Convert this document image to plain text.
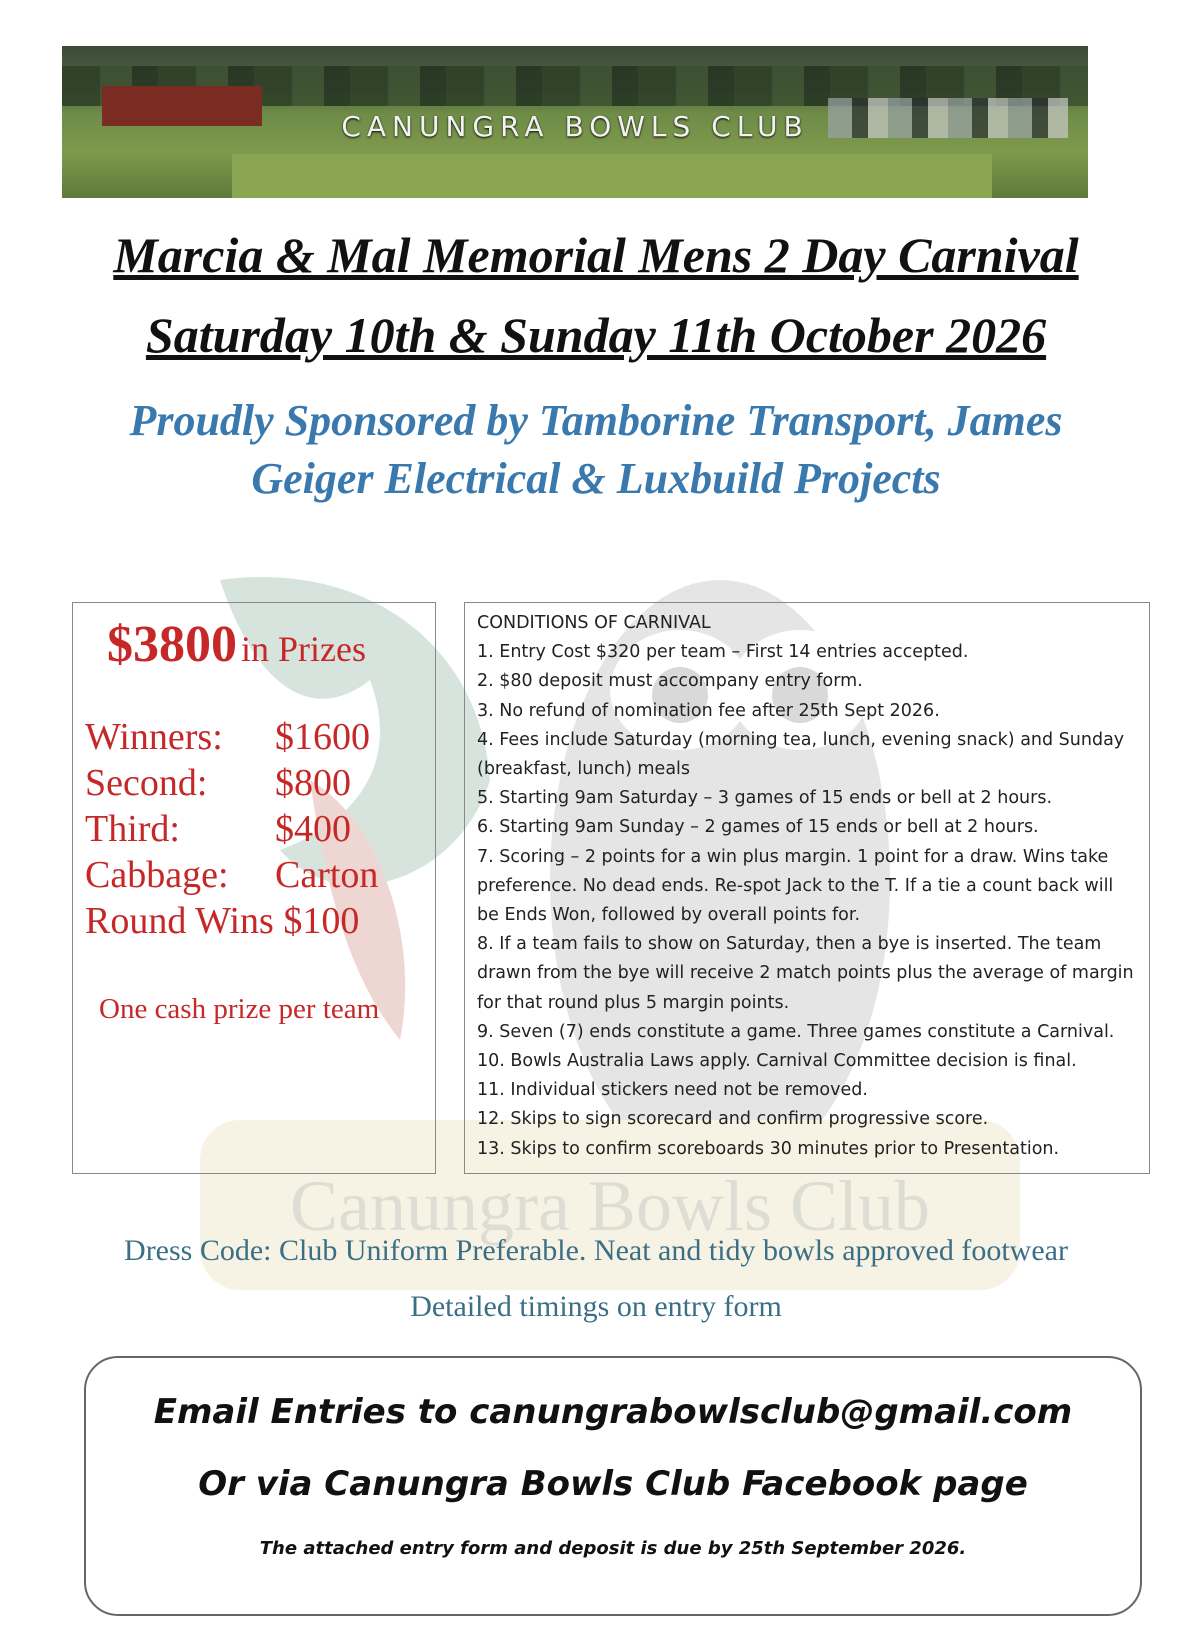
Canungra Bowls Club
CANUNGRA BOWLS CLUB
Marcia & Mal Memorial Mens 2 Day Carnival
Saturday 10th & Sunday 11th October 2026
Proudly Sponsored by Tamborine Transport, James
Geiger Electrical & Luxbuild Projects
$3800 in Prizes
Winners: $1600
Second: $800
Third:	$400
Cabbage: Carton
Round Wins $100
One cash prize per team
CONDITIONS OF CARNIVAL
1. Entry Cost $320 per team – First 14 entries accepted.
2. $80 deposit must accompany entry form.
3. No refund of nomination fee after 25th Sept 2026.
4. Fees include Saturday (morning tea, lunch, evening snack) and Sunday (breakfast, lunch) meals
5. Starting 9am Saturday – 3 games of 15 ends or bell at 2 hours.
6. Starting 9am Sunday – 2 games of 15 ends or bell at 2 hours.
7. Scoring – 2 points for a win plus margin. 1 point for a draw. Wins take preference. No dead ends. Re-spot Jack to the T. If a tie a count back will be Ends Won, followed by overall points for.
8. If a team fails to show on Saturday, then a bye is inserted. The team drawn from the bye will receive 2 match points plus the average of margin for that round plus 5 margin points.
9. Seven (7) ends constitute a game. Three games constitute a Carnival.
10. Bowls Australia Laws apply. Carnival Committee decision is final.
11. Individual stickers need not be removed.
12. Skips to sign scorecard and confirm progressive score.
13. Skips to confirm scoreboards 30 minutes prior to Presentation.
Dress Code: Club Uniform Preferable. Neat and tidy bowls approved footwear
Detailed timings on entry form
Email Entries to canungrabowlsclub@gmail.com
Or via Canungra Bowls Club Facebook page
The attached entry form and deposit is due by 25th September 2026.
